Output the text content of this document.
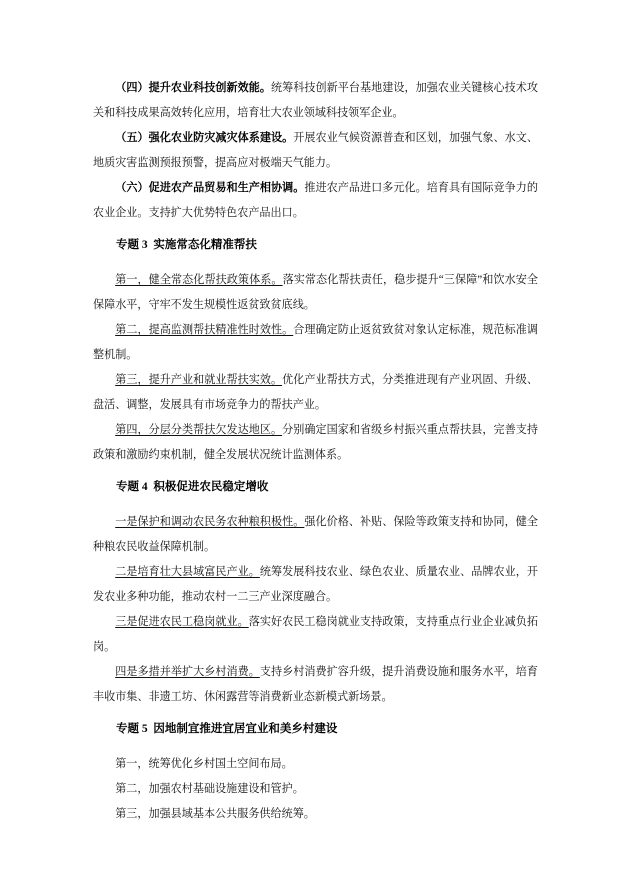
（四）提升农业科技创新效能。统筹科技创新平台基地建设，加强农业关键核心技术攻关和科技成果高效转化应用，培育壮大农业领域科技领军企业。

（五）强化农业防灾减灾体系建设。开展农业气候资源普查和区划，加强气象、水文、地质灾害监测预报预警，提高应对极端天气能力。

（六）促进农产品贸易和生产相协调。推进农产品进口多元化。培育具有国际竞争力的农业企业。支持扩大优势特色农产品出口。

专题 3  实施常态化精准帮扶

第一，健全常态化帮扶政策体系。落实常态化帮扶责任，稳步提升“三保障”和饮水安全保障水平，守牢不发生规模性返贫致贫底线。

第二，提高监测帮扶精准性时效性。合理确定防止返贫致贫对象认定标准，规范标准调整机制。

第三，提升产业和就业帮扶实效。优化产业帮扶方式，分类推进现有产业巩固、升级、盘活、调整，发展具有市场竞争力的帮扶产业。

第四，分层分类帮扶欠发达地区。分别确定国家和省级乡村振兴重点帮扶县，完善支持政策和激励约束机制，健全发展状况统计监测体系。

专题 4  积极促进农民稳定增收

一是保护和调动农民务农种粮积极性。强化价格、补贴、保险等政策支持和协同，健全种粮农民收益保障机制。

二是培育壮大县域富民产业。统筹发展科技农业、绿色农业、质量农业、品牌农业，开发农业多种功能，推动农村一二三产业深度融合。

三是促进农民工稳岗就业。落实好农民工稳岗就业支持政策，支持重点行业企业减负拓岗。

四是多措并举扩大乡村消费。支持乡村消费扩容升级，提升消费设施和服务水平，培育丰收市集、非遗工坊、休闲露营等消费新业态新模式新场景。

专题 5  因地制宜推进宜居宜业和美乡村建设

第一，统筹优化乡村国土空间布局。

第二，加强农村基础设施建设和管护。

第三，加强县域基本公共服务供给统筹。
